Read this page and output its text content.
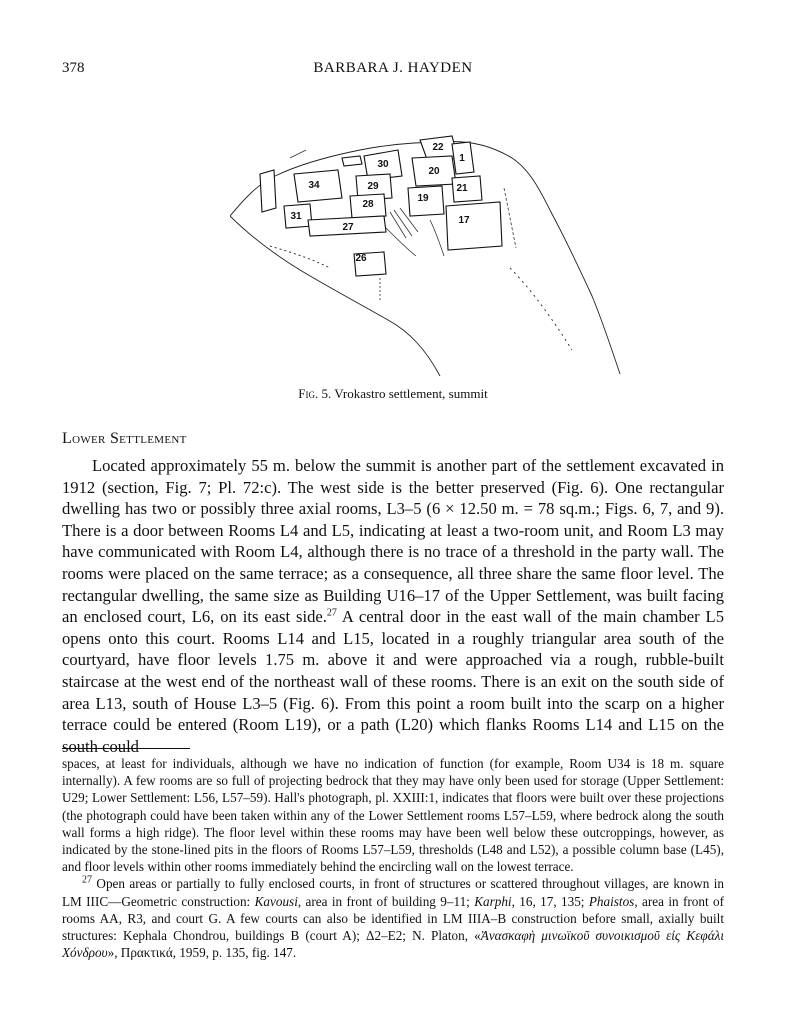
378	BARBARA J. HAYDEN
22
1
30
20
34	29	21
19
28
31	17
27
26
Fig. 5. Vrokastro settlement, summit
Lower Settlement

Located approximately 55 m. below the summit is another part of the settlement excavated in 1912 (section, Fig. 7; Pl. 72:c). The west side is the better preserved (Fig. 6). One rectangular dwelling has two or possibly three axial rooms, L3–5 (6 × 12.50 m. = 78 sq.m.; Figs. 6, 7, and 9). There is a door between Rooms L4 and L5, indicating at least a two-room unit, and Room L3 may have communicated with Room L4, although there is no trace of a threshold in the party wall. The rooms were placed on the same terrace; as a consequence, all three share the same floor level. The rectangular dwelling, the same size as Building U16–17 of the Upper Settlement, was built facing an enclosed court, L6, on its east side.$^{27}$ A central door in the east wall of the main chamber L5 opens onto this court. Rooms L14 and L15, located in a roughly triangular area south of the courtyard, have floor levels 1.75 m. above it and were approached via a rough, rubble-built staircase at the west end of the northeast wall of these rooms. There is an exit on the south side of area L13, south of House L3–5 (Fig. 6). From this point a room built into the scarp on a higher terrace could be entered (Room L19), or a path (L20) which flanks Rooms L14 and L15 on the south could

spaces, at least for individuals, although we have no indication of function (for example, Room U34 is 18 m. square internally). A few rooms are so full of projecting bedrock that they may have only been used for storage (Upper Settlement: U29; Lower Settlement: L56, L57–59). Hall's photograph, pl. XXIII:1, indicates that floors were built over these projections (the photograph could have been taken within any of the Lower Settlement rooms L57–L59, where bedrock along the south wall forms a high ridge). The floor level within these rooms may have been well below these outcroppings, however, as indicated by the stone-lined pits in the floors of Rooms L57–L59, thresholds (L48 and L52), a possible column base (L45), and floor levels within other rooms immediately behind the encircling wall on the lowest terrace.

$^{27}$ Open areas or partially to fully enclosed courts, in front of structures or scattered throughout villages, are known in LM IIIC—Geometric construction: Kavousi, area in front of building 9–11; Karphi, 16, 17, 135; Phaistos, area in front of rooms AA, R3, and court G. A few courts can also be identified in LM IIIA–B construction before small, axially built structures: Kephala Chondrou, buildings B (court A); Δ2–E2; N. Platon, «Ἀνασκαφὴ μινωϊκοῦ συνοικισμοῦ εἰς Κεφάλι Χόνδρου», Πρακτικά, 1959, p. 135, fig. 147.
